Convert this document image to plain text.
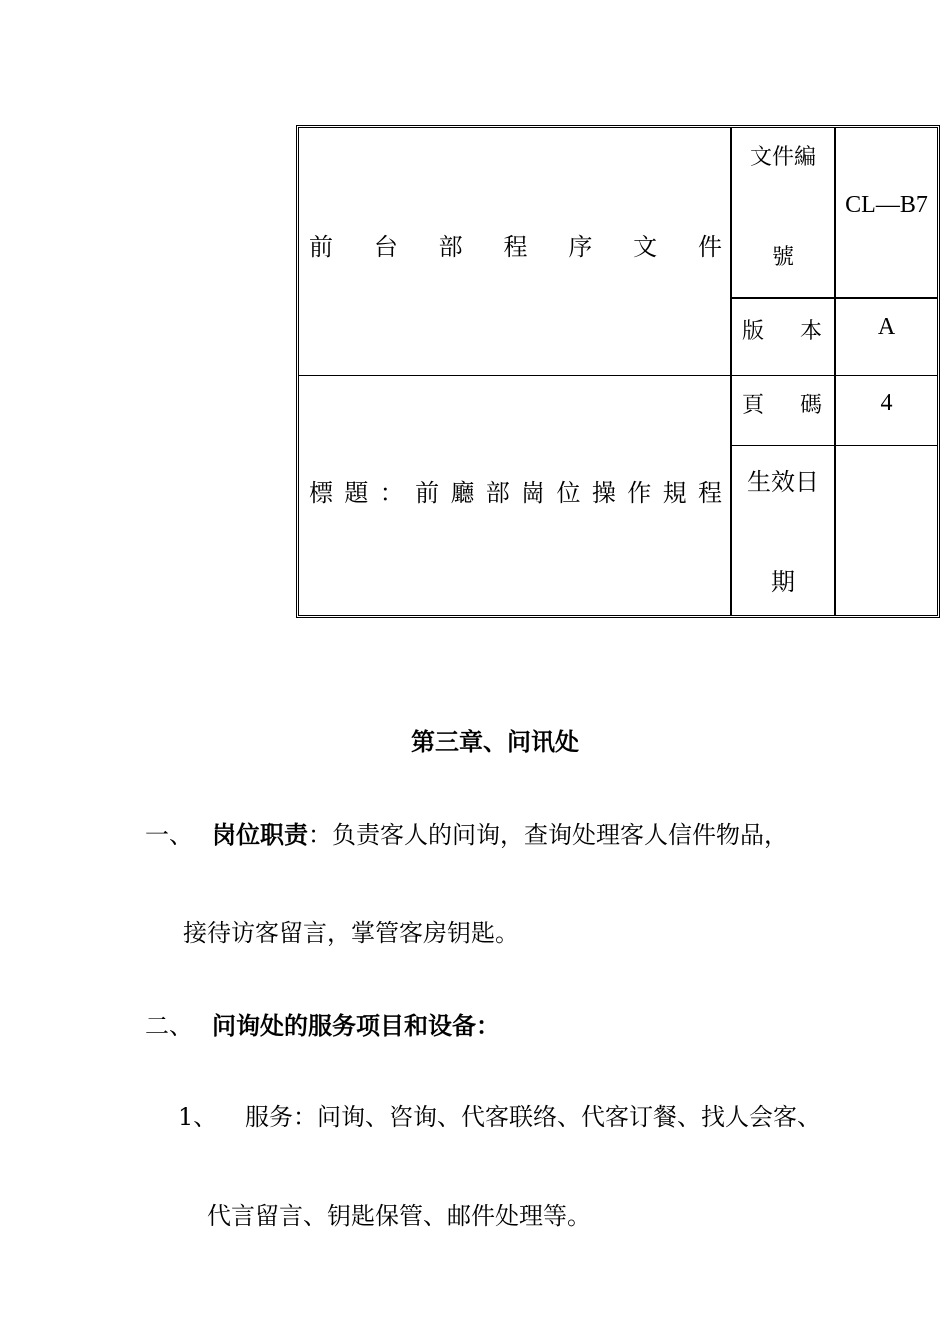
前 台 部 程 序 文 件
標 題 ： 前 廳 部 崗 位 操 作 規 程
文件編
號
CL—B7
版 本	A
頁 碼	4
生效日
期
第三章、问讯处
一、 岗位职责：负责客人的问询，查询处理客人信件物品，
接待访客留言，掌管客房钥匙。
二、 问询处的服务项目和设备：
1、 服务：问询、咨询、代客联络、代客订餐、找人会客、
代言留言、钥匙保管、邮件处理等。
